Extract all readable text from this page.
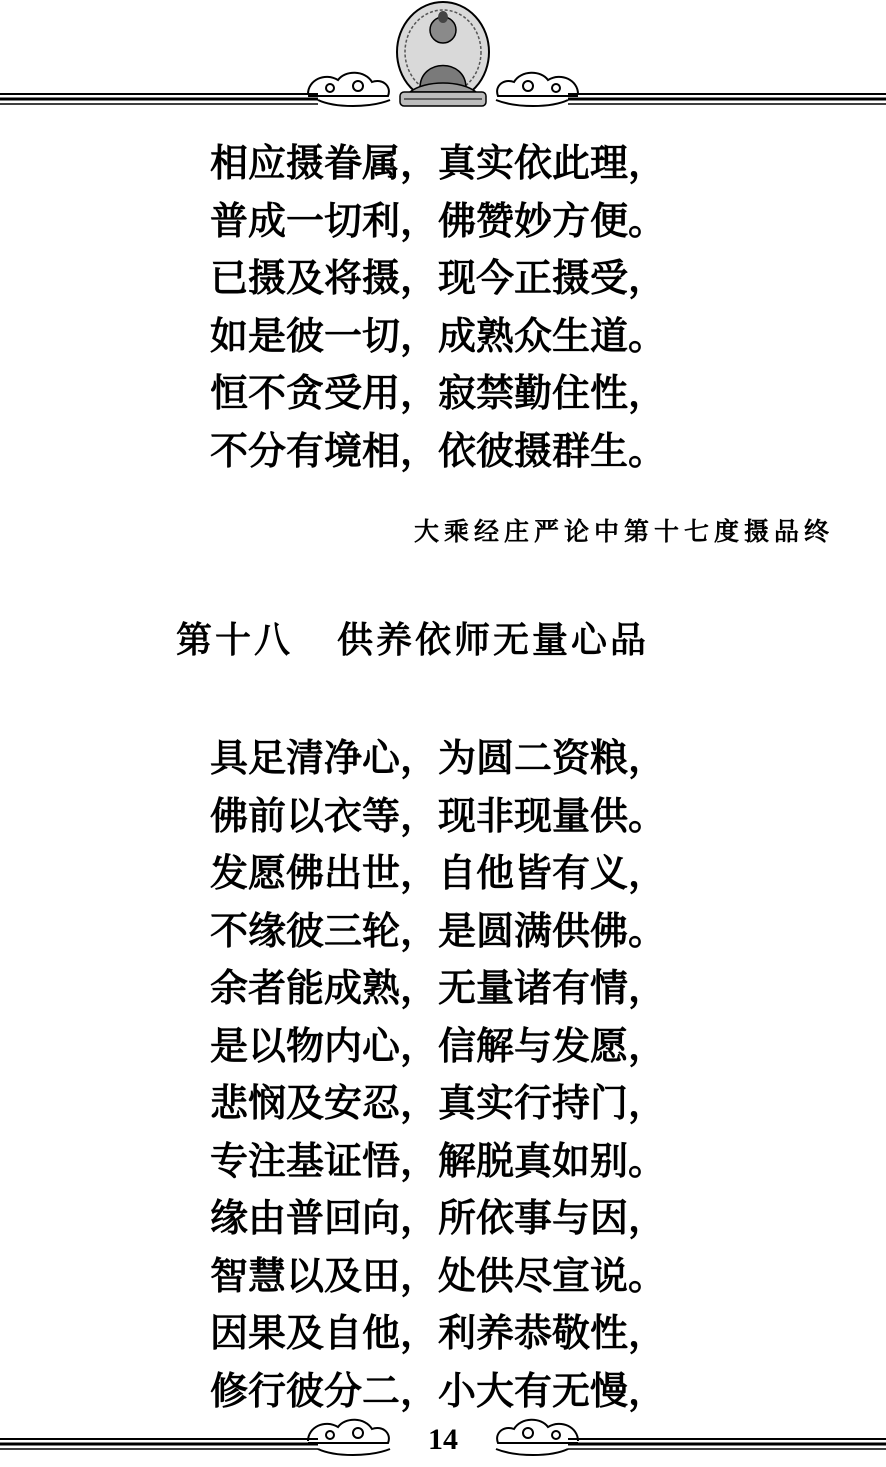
相应摄眷属，真实依此理，
普成一切利，佛赞妙方便。
已摄及将摄，现今正摄受，
如是彼一切，成熟众生道。
恒不贪受用，寂禁勤住性，
不分有境相，依彼摄群生。
大乘经庄严论中第十七度摄品终
第十八 供养依师无量心品
具足清净心，为圆二资粮，
佛前以衣等，现非现量供。
发愿佛出世，自他皆有义，
不缘彼三轮，是圆满供佛。
余者能成熟，无量诸有情，
是以物内心，信解与发愿，
悲悯及安忍，真实行持门，
专注基证悟，解脱真如别。
缘由普回向，所依事与因，
智慧以及田，处供尽宣说。
因果及自他，利养恭敬性，
修行彼分二，小大有无慢，
14
